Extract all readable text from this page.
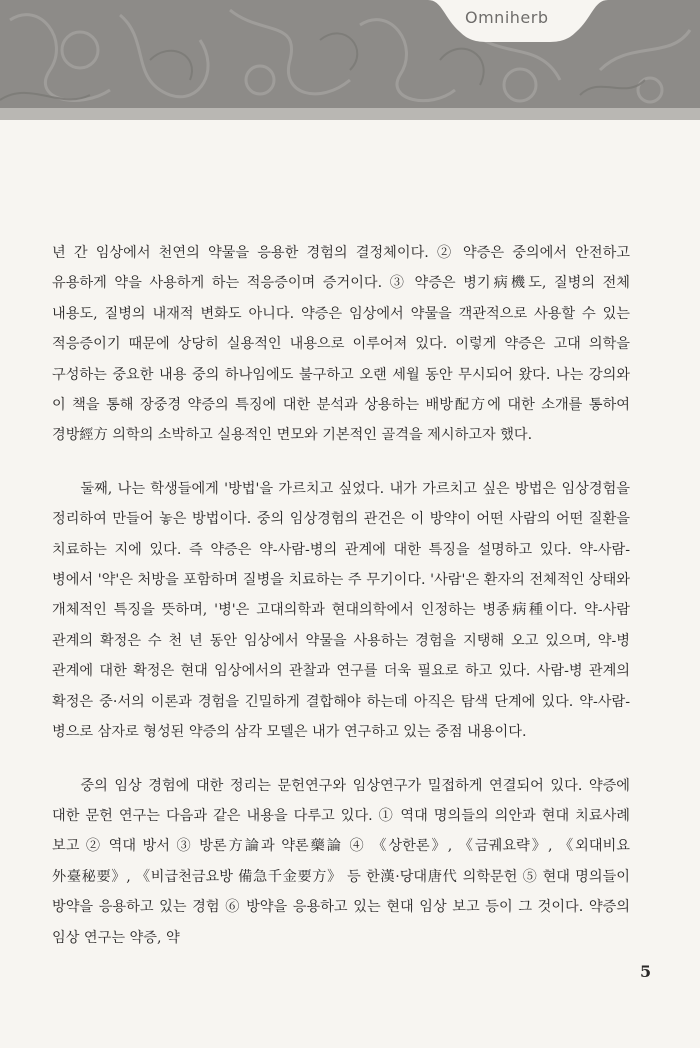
Omniherb

년 간 임상에서 천연의 약물을 응용한 경험의 결정체이다. ② 약증은 중의에서 안전하고 유용하게 약을 사용하게 하는 적응증이며 증거이다. ③ 약증은 병기病機도, 질병의 전체 내용도, 질병의 내재적 변화도 아니다. 약증은 임상에서 약물을 객관적으로 사용할 수 있는 적응증이기 때문에 상당히 실용적인 내용으로 이루어져 있다. 이렇게 약증은 고대 의학을 구성하는 중요한 내용 중의 하나임에도 불구하고 오랜 세월 동안 무시되어 왔다. 나는 강의와 이 책을 통해 장중경 약증의 특징에 대한 분석과 상용하는 배방配方에 대한 소개를 통하여 경방經方 의학의 소박하고 실용적인 면모와 기본적인 골격을 제시하고자 했다.

둘째, 나는 학생들에게 '방법'을 가르치고 싶었다. 내가 가르치고 싶은 방법은 임상경험을 정리하여 만들어 놓은 방법이다. 중의 임상경험의 관건은 이 방약이 어떤 사람의 어떤 질환을 치료하는 지에 있다. 즉 약증은 약-사람-병의 관계에 대한 특징을 설명하고 있다. 약-사람-병에서 '약'은 처방을 포함하며 질병을 치료하는 주 무기이다. '사람'은 환자의 전체적인 상태와 개체적인 특징을 뜻하며, '병'은 고대의학과 현대의학에서 인정하는 병종病種이다. 약-사람 관계의 확정은 수 천 년 동안 임상에서 약물을 사용하는 경험을 지탱해 오고 있으며, 약-병 관계에 대한 확정은 현대 임상에서의 관찰과 연구를 더욱 필요로 하고 있다. 사람-병 관계의 확정은 중·서의 이론과 경험을 긴밀하게 결합해야 하는데 아직은 탐색 단계에 있다. 약-사람-병으로 삼자로 형성된 약증의 삼각 모델은 내가 연구하고 있는 중점 내용이다.

중의 임상 경험에 대한 정리는 문헌연구와 임상연구가 밀접하게 연결되어 있다. 약증에 대한 문헌 연구는 다음과 같은 내용을 다루고 있다. ① 역대 명의들의 의안과 현대 치료사례 보고 ② 역대 방서 ③ 방론方論과 약론藥論 ④ 《상한론》, 《금궤요략》, 《외대비요 外臺秘要》, 《비급천금요방 備急千金要方》 등 한漢·당대唐代 의학문헌 ⑤ 현대 명의들이 방약을 응용하고 있는 경험 ⑥ 방약을 응용하고 있는 현대 임상 보고 등이 그 것이다. 약증의 임상 연구는 약증, 약

5
